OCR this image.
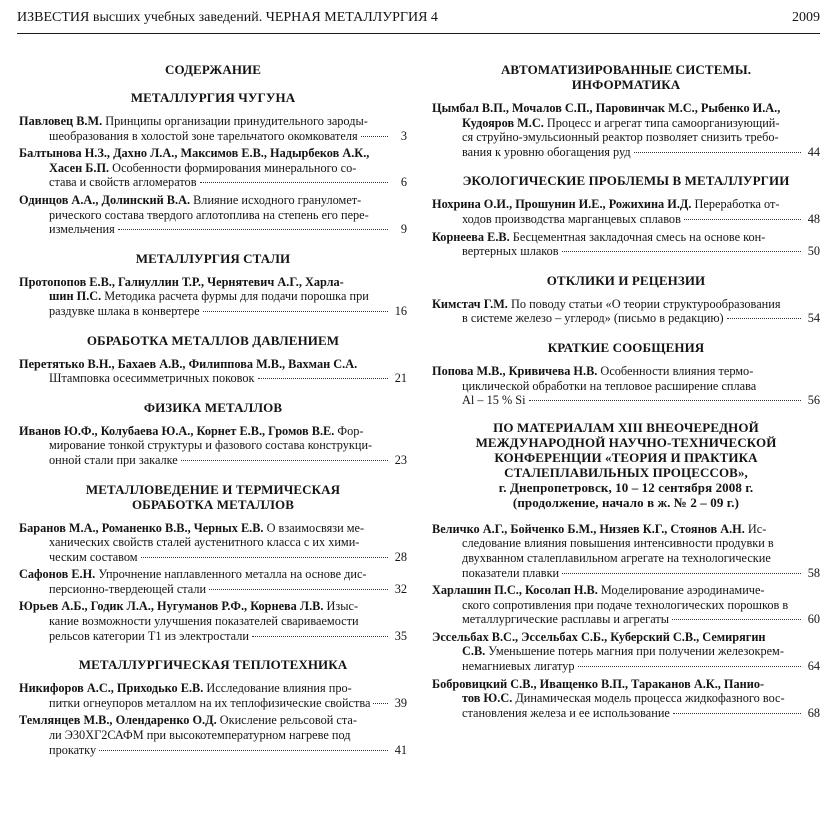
ИЗВЕСТИЯ высших учебных заведений. ЧЕРНАЯ МЕТАЛЛУРГИЯ 4	2009
СОДЕРЖАНИЕ
МЕТАЛЛУРГИЯ ЧУГУНА
Павловец В.М. Принципы организации принудительного зароды-
шеобразования в холостой зоне тарельчатого окомкователя	3
Балтынова Н.З., Дахно Л.А., Максимов Е.В., Надырбеков А.К.,
Хасен Б.П. Особенности формирования минерального со-
става и свойств агломератов	6
Одинцов А.А., Долинский В.А. Влияние исходного грануломет-
рического состава твердого аглотоплива на степень его пере-
измельчения	9
МЕТАЛЛУРГИЯ СТАЛИ
Протопопов Е.В., Галиуллин Т.Р., Чернятевич А.Г., Харла-
шин П.С. Методика расчета фурмы для подачи порошка при
раздувке шлака в конвертере	16
ОБРАБОТКА МЕТАЛЛОВ ДАВЛЕНИЕМ
Перетятько В.Н., Бахаев А.В., Филиппова М.В., Вахман С.А.
Штамповка осесимметричных поковок	21
ФИЗИКА МЕТАЛЛОВ
Иванов Ю.Ф., Колубаева Ю.А., Корнет Е.В., Громов В.Е. Фор-
мирование тонкой структуры и фазового состава конструкци-
онной стали при закалке	23
МЕТАЛЛОВЕДЕНИЕ И ТЕРМИЧЕСКАЯ
ОБРАБОТКА МЕТАЛЛОВ
Баранов М.А., Романенко В.В., Черных Е.В. О взаимосвязи ме-
ханических свойств сталей аустенитного класса с их хими-
ческим составом	28
Сафонов Е.Н. Упрочнение наплавленного металла на основе дис-
персионно-твердеющей стали	32
Юрьев А.Б., Годик Л.А., Нугуманов Р.Ф., Корнева Л.В. Изыс-
кание возможности улучшения показателей свариваемости
рельсов категории Т1 из электростали	35
МЕТАЛЛУРГИЧЕСКАЯ ТЕПЛОТЕХНИКА
Никифоров А.С., Приходько Е.В. Исследование влияния про-
питки огнеупоров металлом на их теплофизические свойства	39
Темлянцев М.В., Олендаренко О.Д. Окисление рельсовой ста-
ли Э30ХГ2САФМ при высокотемпературном нагреве под
прокатку	41
АВТОМАТИЗИРОВАННЫЕ СИСТЕМЫ.
ИНФОРМАТИКА
Цымбал В.П., Мочалов С.П., Паровинчак М.С., Рыбенко И.А.,
Кудояров М.С. Процесс и агрегат типа самоорганизующий-
ся струйно-эмульсионный реактор позволяет снизить требо-
вания к уровню обогащения руд	44
ЭКОЛОГИЧЕСКИЕ ПРОБЛЕМЫ В МЕТАЛЛУРГИИ
Нохрина О.И., Прошунин И.Е., Рожихина И.Д. Переработка от-
ходов производства марганцевых сплавов	48
Корнеева Е.В. Бесцементная закладочная смесь на основе кон-
вертерных шлаков	50
ОТКЛИКИ И РЕЦЕНЗИИ
Кимстач Г.М. По поводу статьи «О теории структурообразования
в системе железо – углерод» (письмо в редакцию)	54
КРАТКИЕ СООБЩЕНИЯ
Попова М.В., Кривичева Н.В. Особенности влияния термо-
циклической обработки на тепловое расширение сплава
Al – 15 % Si	56
ПО МАТЕРИАЛАМ XIII ВНЕОЧЕРЕДНОЙ
МЕЖДУНАРОДНОЙ НАУЧНО-ТЕХНИЧЕСКОЙ
КОНФЕРЕНЦИИ «ТЕОРИЯ И ПРАКТИКА
СТАЛЕПЛАВИЛЬНЫХ ПРОЦЕССОВ»,
г. Днепропетровск, 10 – 12 сентября 2008 г.
(продолжение, начало в ж. № 2 – 09 г.)
Величко А.Г., Бойченко Б.М., Низяев К.Г., Стоянов А.Н. Ис-
следование влияния повышения интенсивности продувки в
двухванном сталеплавильном агрегате на технологические
показатели плавки	58
Харлашин П.С., Косолап Н.В. Моделирование аэродинамиче-
ского сопротивления при подаче технологических порошков в
металлургические расплавы и агрегаты	60
Эссельбах В.С., Эссельбах С.Б., Куберский С.В., Семирягин
С.В. Уменьшение потерь магния при получении железокрем-
немагниевых лигатур	64
Бобровицкий С.В., Иващенко В.П., Тараканов А.К., Панио-
тов Ю.С. Динамическая модель процесса жидкофазного вос-
становления железа и ее использование	68
